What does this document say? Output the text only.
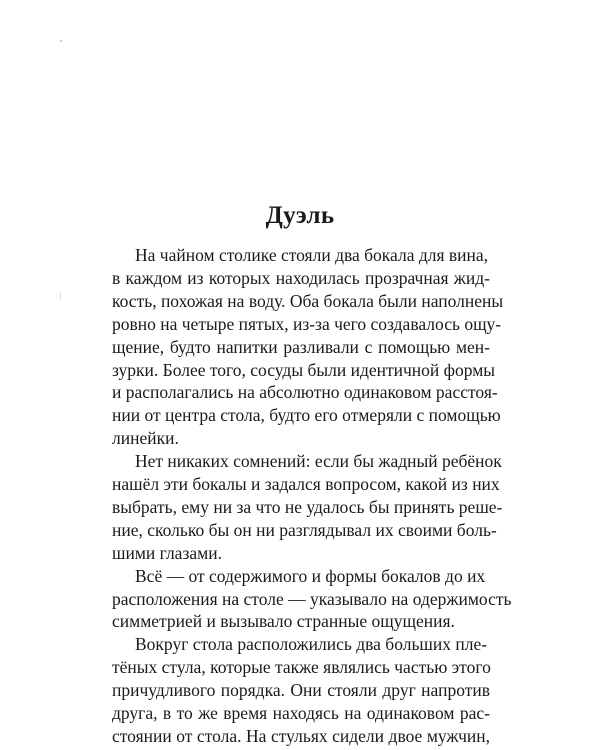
Дуэль
На чайном столике стояли два бокала для вина,
в каждом из которых находилась прозрачная жид-
кость, похожая на воду. Оба бокала были наполнены
ровно на четыре пятых, из-за чего создавалось ощу-
щение, будто напитки разливали с помощью мен-
зурки. Более того, сосуды были идентичной формы
и располагались на абсолютно одинаковом расстоя-
нии от центра стола, будто его отмеряли с помощью
линейки.
Нет никаких сомнений: если бы жадный ребёнок
нашёл эти бокалы и задался вопросом, какой из них
выбрать, ему ни за что не удалось бы принять реше-
ние, сколько бы он ни разглядывал их своими боль-
шими глазами.
Всё — от содержимого и формы бокалов до их
расположения на столе — указывало на одержимость
симметрией и вызывало странные ощущения.
Вокруг стола расположились два больших пле-
тёных стула, которые также являлись частью этого
причудливого порядка. Они стояли друг напротив
друга, в то же время находясь на одинаковом рас-
стоянии от стола. На стульях сидели двое мужчин,
